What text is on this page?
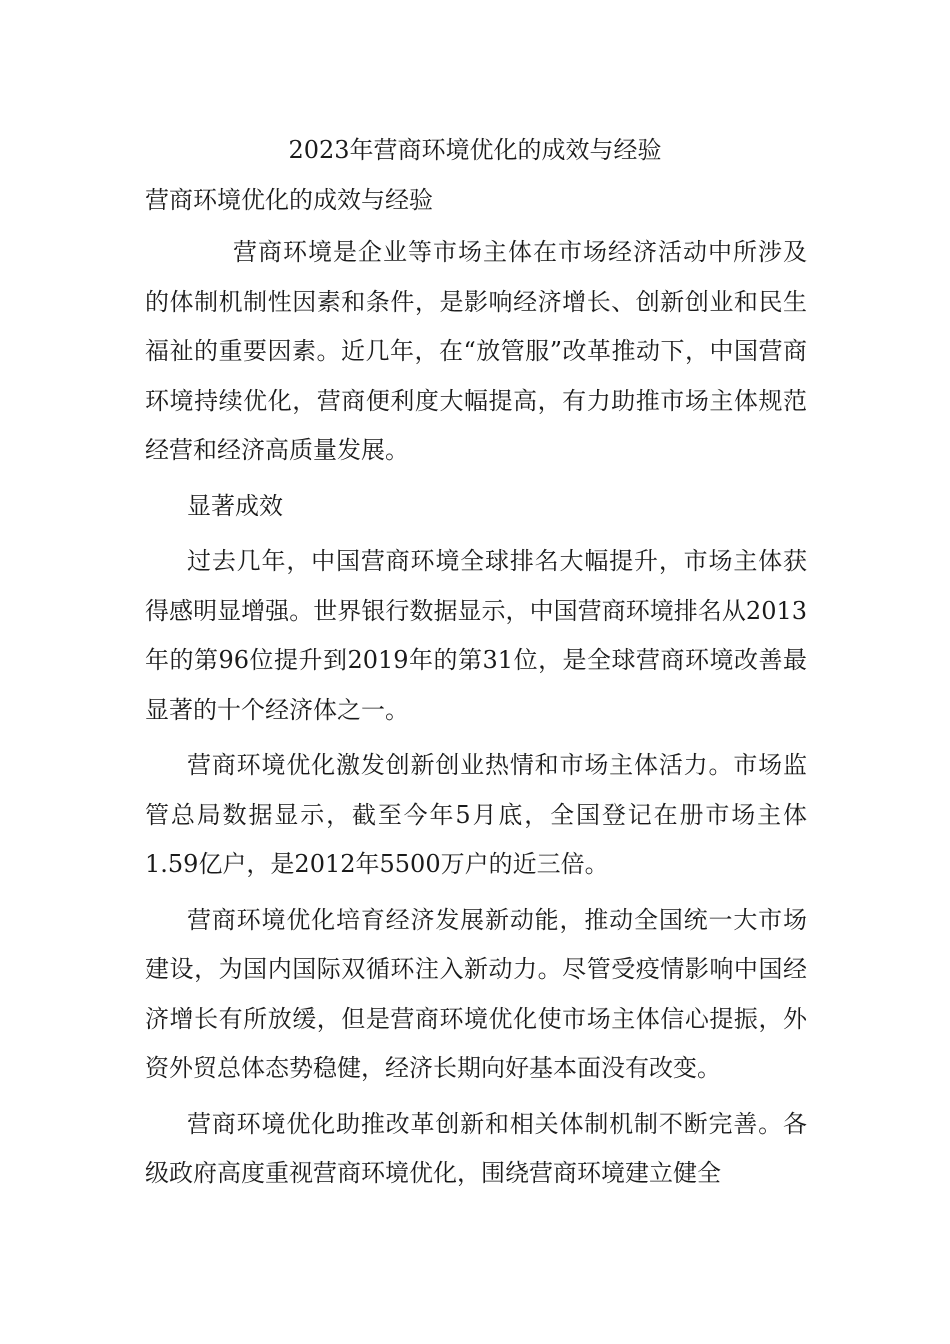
2023年营商环境优化的成效与经验
营商环境优化的成效与经验

营商环境是企业等市场主体在市场经济活动中所涉及的体制机制性因素和条件，是影响经济增长、创新创业和民生福祉的重要因素。近几年，在“放管服”改革推动下，中国营商环境持续优化，营商便利度大幅提高，有力助推市场主体规范经营和经济高质量发展。

显著成效

过去几年，中国营商环境全球排名大幅提升，市场主体获得感明显增强。世界银行数据显示，中国营商环境排名从2013年的第96位提升到2019年的第31位，是全球营商环境改善最显著的十个经济体之一。

营商环境优化激发创新创业热情和市场主体活力。市场监管总局数据显示，截至今年5月底，全国登记在册市场主体1.59亿户，是2012年5500万户的近三倍。

营商环境优化培育经济发展新动能，推动全国统一大市场建设，为国内国际双循环注入新动力。尽管受疫情影响中国经济增长有所放缓，但是营商环境优化使市场主体信心提振，外资外贸总体态势稳健，经济长期向好基本面没有改变。

营商环境优化助推改革创新和相关体制机制不断完善。各级政府高度重视营商环境优化，围绕营商环境建立健全
